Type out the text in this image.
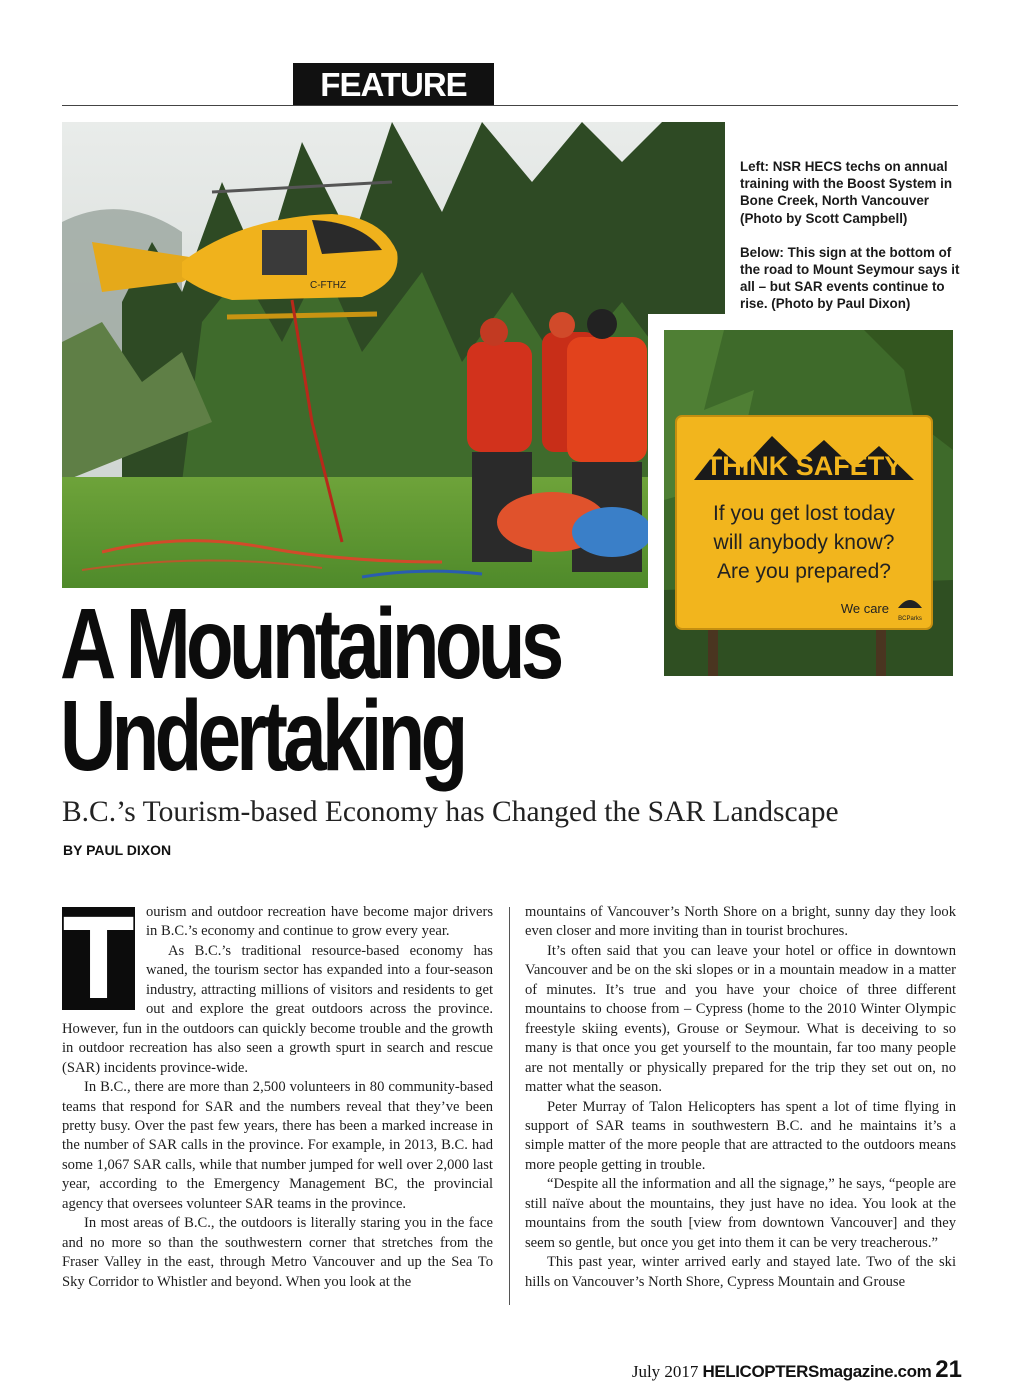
FEATURE
C-FTHZ

Left: NSR HECS techs on annual training with the Boost System in Bone Creek, North Vancouver (Photo by Scott Campbell)

Below: This sign at the bottom of the road to Mount Seymour says it all – but SAR events continue to rise. (Photo by Paul Dixon)

THINK SAFETY
If you get lost today
will anybody know?
Are you prepared?
We care
BCParks
A Mountainous
Undertaking
B.C.’s Tourism-based Economy has Changed the SAR Landscape
BY PAUL DIXON
T ourism and outdoor recreation have become major drivers in B.C.’s economy and continue to grow every year.

As B.C.’s traditional resource-based economy has waned, the tourism sector has expanded into a four-season industry, attracting millions of visitors and residents to get out and explore the great outdoors across the province. However, fun in the outdoors can quickly become trouble and the growth in outdoor recreation has also seen a growth spurt in search and rescue (SAR) incidents province-wide.

In B.C., there are more than 2,500 volunteers in 80 community-based teams that respond for SAR and the numbers reveal that they’ve been pretty busy. Over the past few years, there has been a marked increase in the number of SAR calls in the province. For example, in 2013, B.C. had some 1,067 SAR calls, while that number jumped for well over 2,000 last year, according to the Emergency Management BC, the provincial agency that oversees volunteer SAR teams in the province.

In most areas of B.C., the outdoors is literally staring you in the face and no more so than the southwestern corner that stretches from the Fraser Valley in the east, through Metro Vancouver and up the Sea To Sky Corridor to Whistler and beyond. When you look at the

mountains of Vancouver’s North Shore on a bright, sunny day they look even closer and more inviting than in tourist brochures.

It’s often said that you can leave your hotel or office in downtown Vancouver and be on the ski slopes or in a mountain meadow in a matter of minutes. It’s true and you have your choice of three different mountains to choose from – Cypress (home to the 2010 Winter Olympic freestyle skiing events), Grouse or Seymour. What is deceiving to so many is that once you get yourself to the mountain, far too many people are not mentally or physically prepared for the trip they set out on, no matter what the season.

Peter Murray of Talon Helicopters has spent a lot of time flying in support of SAR teams in southwestern B.C. and he maintains it’s a simple matter of the more people that are attracted to the outdoors means more people getting in trouble.

“Despite all the information and all the signage,” he says, “people are still naïve about the mountains, they just have no idea. You look at the mountains from the south [view from downtown Vancouver] and they seem so gentle, but once you get into them it can be very treacherous.”

This past year, winter arrived early and stayed late. Two of the ski hills on Vancouver’s North Shore, Cypress Mountain and Grouse

July 2017 HELICOPTERSmagazine.com 21
